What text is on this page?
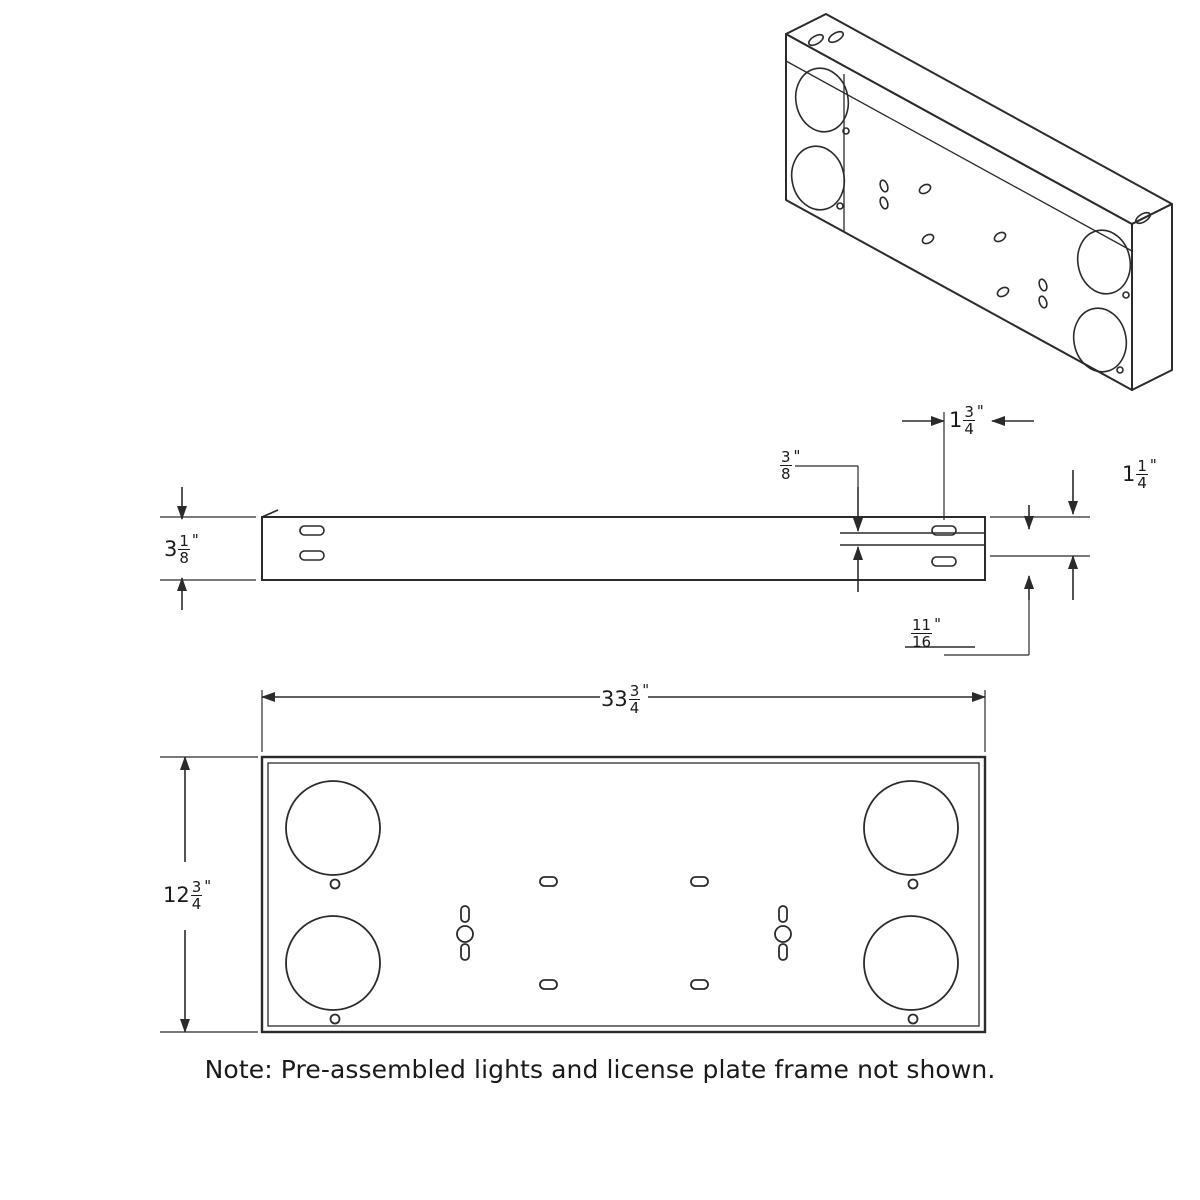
$3 \frac{1}{8}$ "
$\frac{3}{8}$ "
$1 \frac{3}{4}$ "
$1 \frac{1}{4}$ "
$\frac{11}{16}$ "
$33 \frac{3}{4}$ "
$12 \frac{3}{4}$ "
Note: Pre-assembled lights and license plate frame not shown.
